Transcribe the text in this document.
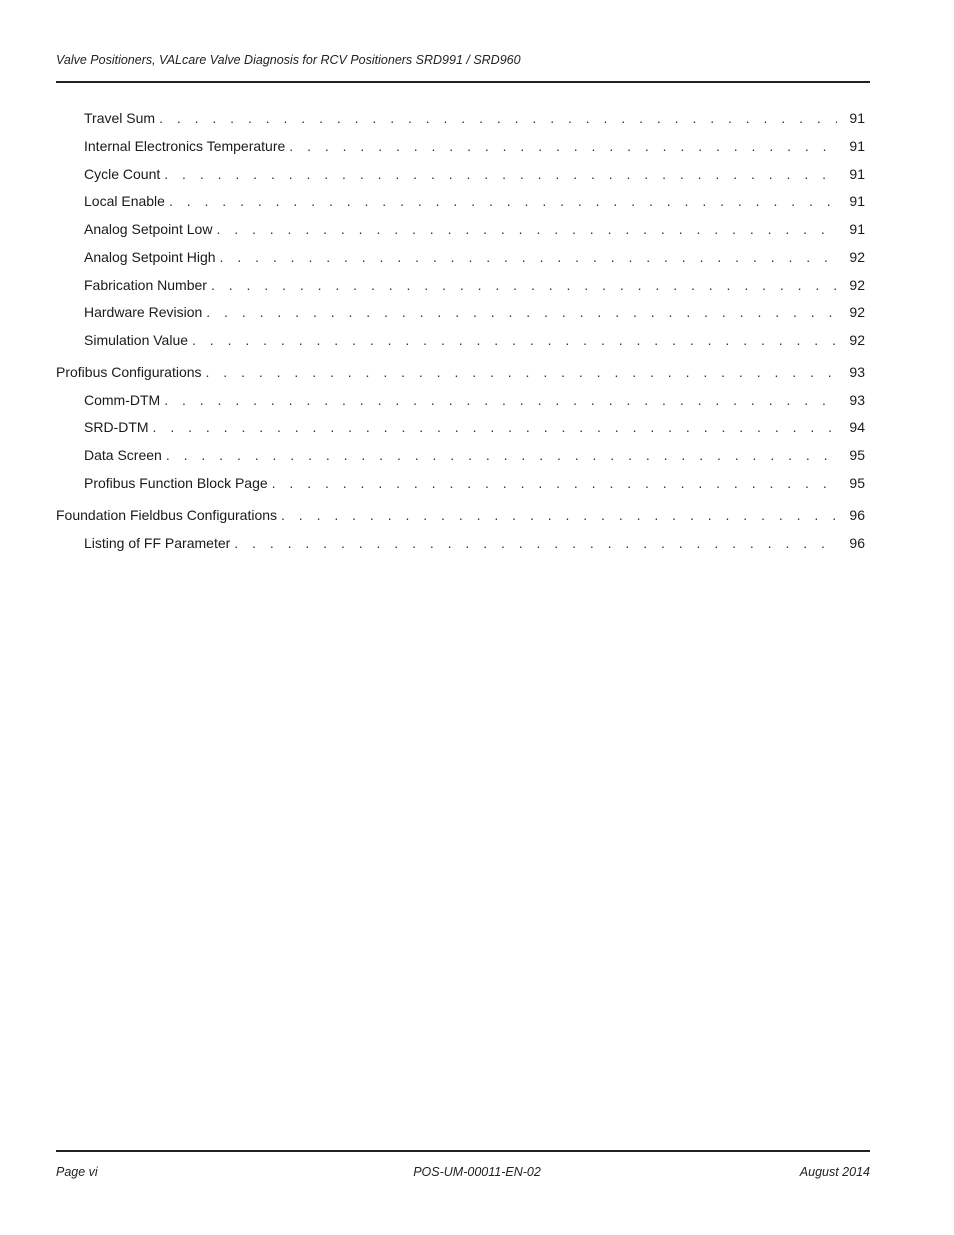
Valve Positioners, VALcare Valve Diagnosis for RCV Positioners SRD991 / SRD960
Travel Sum . . .	91
Internal Electronics Temperature . . .	91
Cycle Count . . .	91
Local Enable . . .	91
Analog Setpoint Low . . .	91
Analog Setpoint High . . .	92
Fabrication Number . . .	92
Hardware Revision . . .	92
Simulation Value . . .	92
Profibus Configurations . . .	93
Comm-DTM . . .	93
SRD-DTM . . .	94
Data Screen . . .	95
Profibus Function Block Page . . .	95
Foundation Fieldbus Configurations . . .	96
Listing of FF Parameter . . .	96
Page vi	POS-UM-00011-EN-02	August 2014
